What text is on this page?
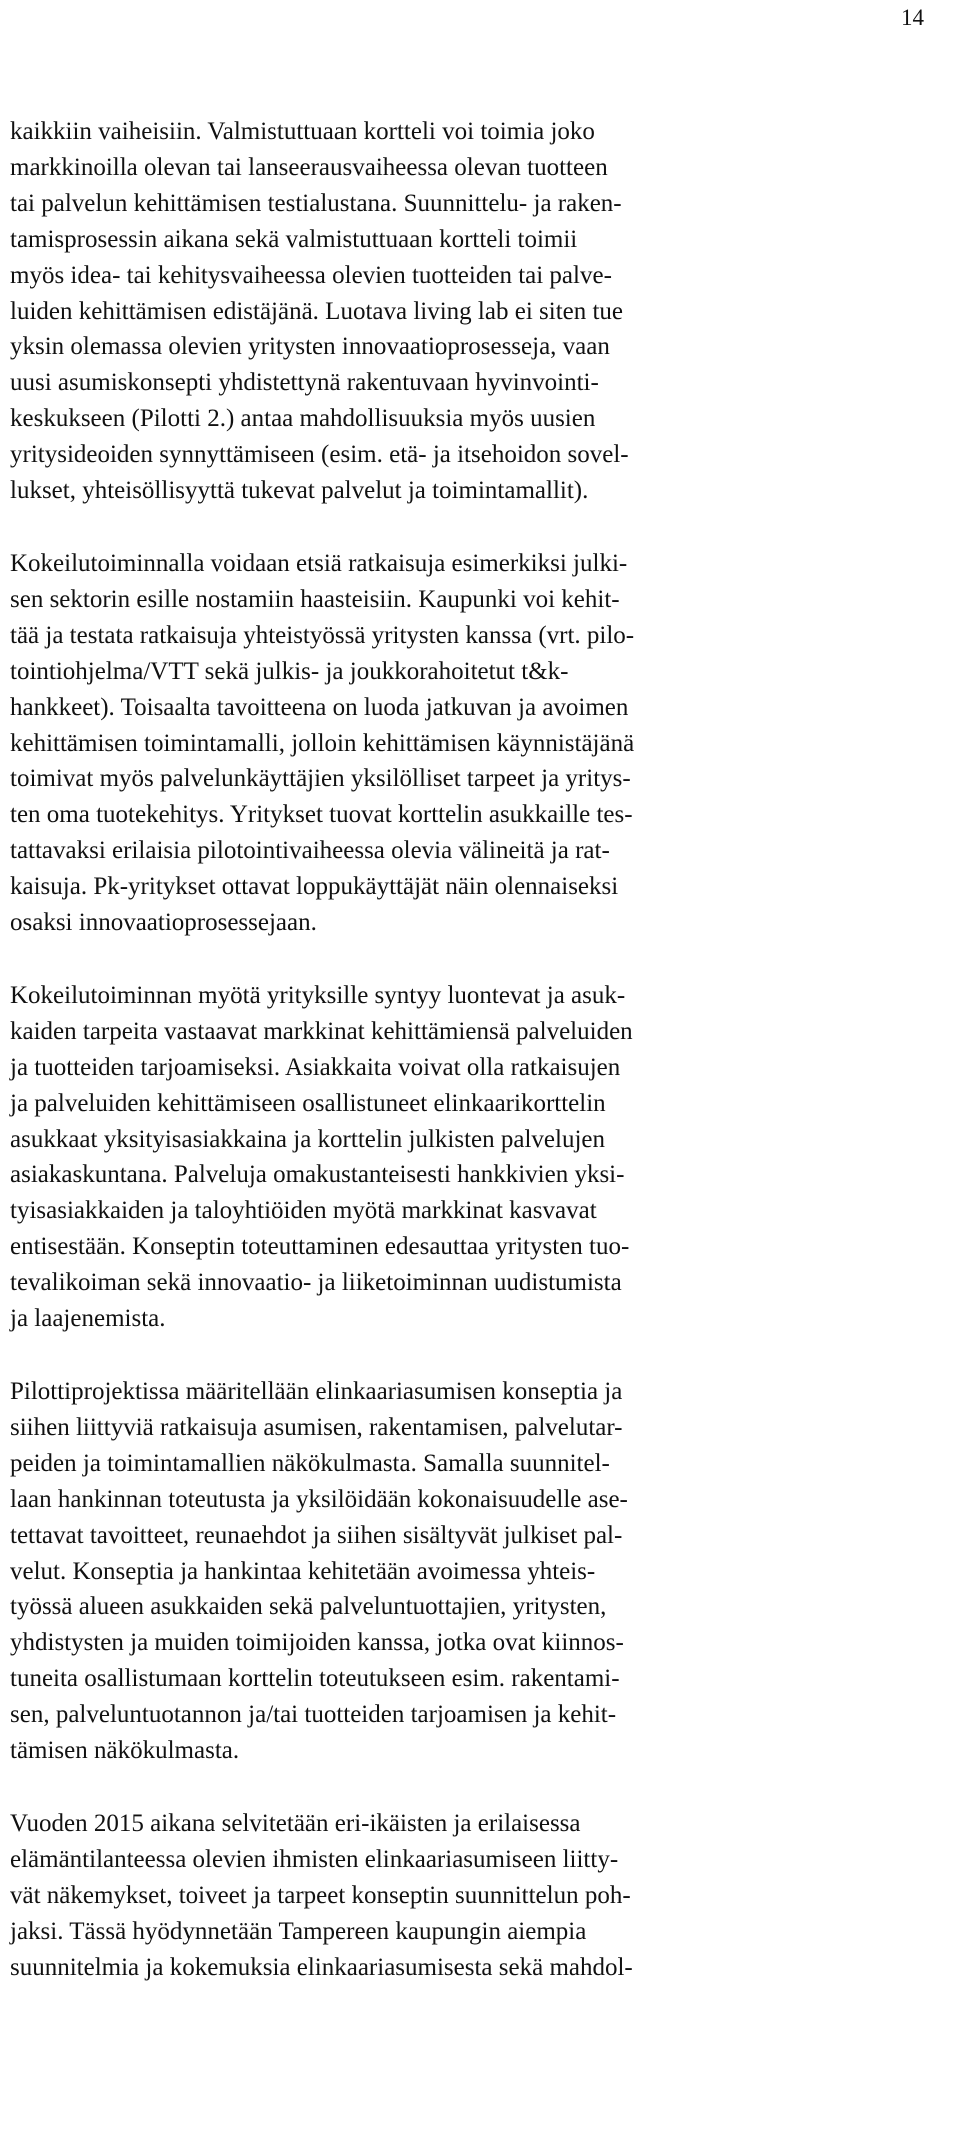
14
kaikkiin vaiheisiin. Valmistuttuaan kortteli voi toimia joko
markkinoilla olevan tai lanseerausvaiheessa olevan tuotteen
tai palvelun kehittämisen testialustana. Suunnittelu- ja raken-
tamisprosessin aikana sekä valmistuttuaan kortteli toimii
myös idea- tai kehitysvaiheessa olevien tuotteiden tai palve-
luiden kehittämisen edistäjänä. Luotava living lab ei siten tue
yksin olemassa olevien yritysten innovaatioprosesseja, vaan
uusi asumiskonsepti yhdistettynä rakentuvaan hyvinvointi-
keskukseen (Pilotti 2.) antaa mahdollisuuksia myös uusien
yritysideoiden synnyttämiseen (esim. etä- ja itsehoidon sovel-
lukset, yhteisöllisyyttä tukevat palvelut ja toimintamallit).
Kokeilutoiminnalla voidaan etsiä ratkaisuja esimerkiksi julki-
sen sektorin esille nostamiin haasteisiin. Kaupunki voi kehit-
tää ja testata ratkaisuja yhteistyössä yritysten kanssa (vrt. pilo-
tointiohjelma/VTT sekä julkis- ja joukkorahoitetut t&k-
hankkeet). Toisaalta tavoitteena on luoda jatkuvan ja avoimen
kehittämisen toimintamalli, jolloin kehittämisen käynnistäjänä
toimivat myös palvelunkäyttäjien yksilölliset tarpeet ja yritys-
ten oma tuotekehitys. Yritykset tuovat korttelin asukkaille tes-
tattavaksi erilaisia pilotointivaiheessa olevia välineitä ja rat-
kaisuja. Pk-yritykset ottavat loppukäyttäjät näin olennaiseksi
osaksi innovaatioprosessejaan.
Kokeilutoiminnan myötä yrityksille syntyy luontevat ja asuk-
kaiden tarpeita vastaavat markkinat kehittämiensä palveluiden
ja tuotteiden tarjoamiseksi. Asiakkaita voivat olla ratkaisujen
ja palveluiden kehittämiseen osallistuneet elinkaarikorttelin
asukkaat yksityisasiakkaina ja korttelin julkisten palvelujen
asiakaskuntana. Palveluja omakustanteisesti hankkivien yksi-
tyisasiakkaiden ja taloyhtiöiden myötä markkinat kasvavat
entisestään. Konseptin toteuttaminen edesauttaa yritysten tuo-
tevalikoiman sekä innovaatio- ja liiketoiminnan uudistumista
ja laajenemista.
Pilottiprojektissa määritellään elinkaariasumisen konseptia ja
siihen liittyviä ratkaisuja asumisen, rakentamisen, palvelutar-
peiden ja toimintamallien näkökulmasta. Samalla suunnitel-
laan hankinnan toteutusta ja yksilöidään kokonaisuudelle ase-
tettavat tavoitteet, reunaehdot ja siihen sisältyvät julkiset pal-
velut. Konseptia ja hankintaa kehitetään avoimessa yhteis-
työssä alueen asukkaiden sekä palveluntuottajien, yritysten,
yhdistysten ja muiden toimijoiden kanssa, jotka ovat kiinnos-
tuneita osallistumaan korttelin toteutukseen esim. rakentami-
sen, palveluntuotannon ja/tai tuotteiden tarjoamisen ja kehit-
tämisen näkökulmasta.
Vuoden 2015 aikana selvitetään eri-ikäisten ja erilaisessa
elämäntilanteessa olevien ihmisten elinkaariasumiseen liitty-
vät näkemykset, toiveet ja tarpeet konseptin suunnittelun poh-
jaksi. Tässä hyödynnetään Tampereen kaupungin aiempia
suunnitelmia ja kokemuksia elinkaariasumisesta sekä mahdol-
